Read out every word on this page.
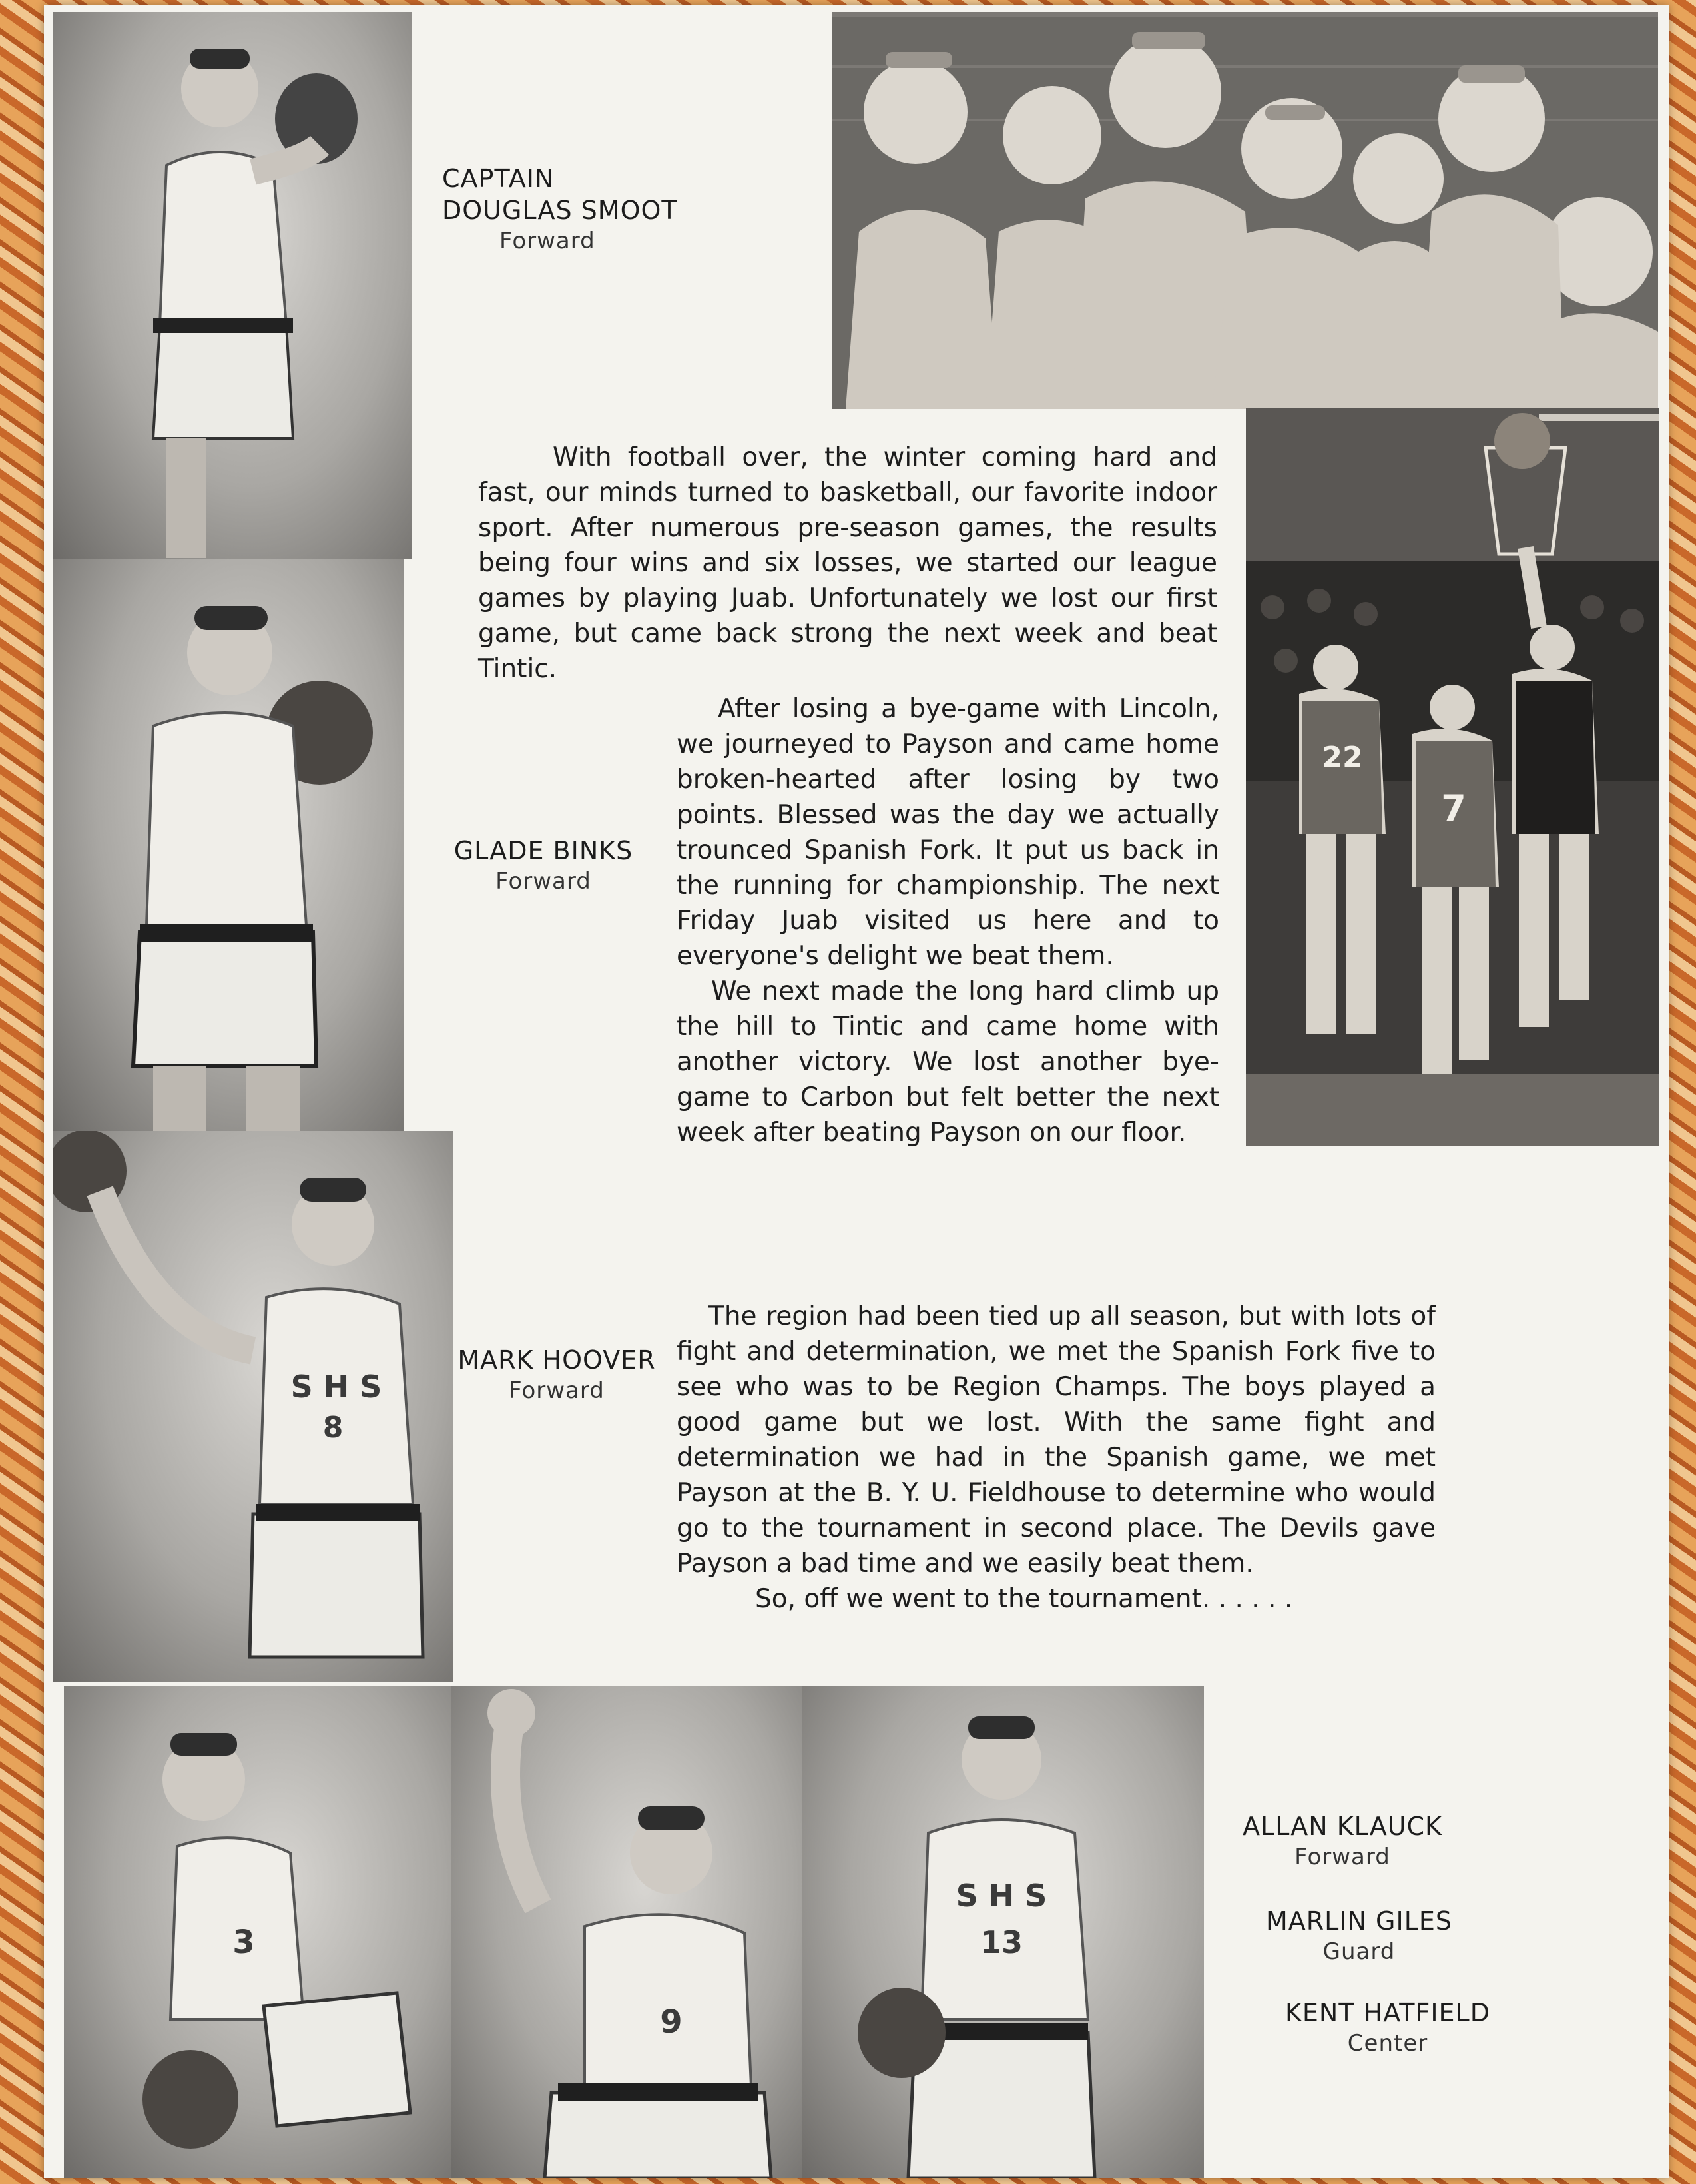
CAPTAIN
DOUGLAS SMOOT
Forward
22
7
GLADE BINKS
Forward
S H S
8
MARK HOOVER
Forward

With football over, the winter coming hard and fast, our minds turned to basketball, our favorite indoor sport. After numerous pre-season games, the results being four wins and six losses, we started our league games by playing Juab. Unfortunately we lost our first game, but came back strong the next week and beat Tintic.

After losing a bye-game with Lincoln, we journeyed to Payson and came home broken-hearted after losing by two points. Blessed was the day we actually trounced Spanish Fork. It put us back in the running for championship. The next Friday Juab visited us here and to everyone's delight we beat them.

We next made the long hard climb up the hill to Tintic and came home with another victory. We lost another bye-game to Carbon but felt better the next week after beating Payson on our floor.

The region had been tied up all season, but with lots of fight and determination, we met the Spanish Fork five to see who was to be Region Champs. The boys played a good game but we lost. With the same fight and determination we had in the Spanish game, we met Payson at the B. Y. U. Fieldhouse to determine who would go to the tournament in second place. The Devils gave Payson a bad time and we easily beat them.

So, off we went to the tournament. . . . . .

3
9
S H S
13
ALLAN KLAUCK
Forward
MARLIN GILES
Guard
KENT HATFIELD
Center
